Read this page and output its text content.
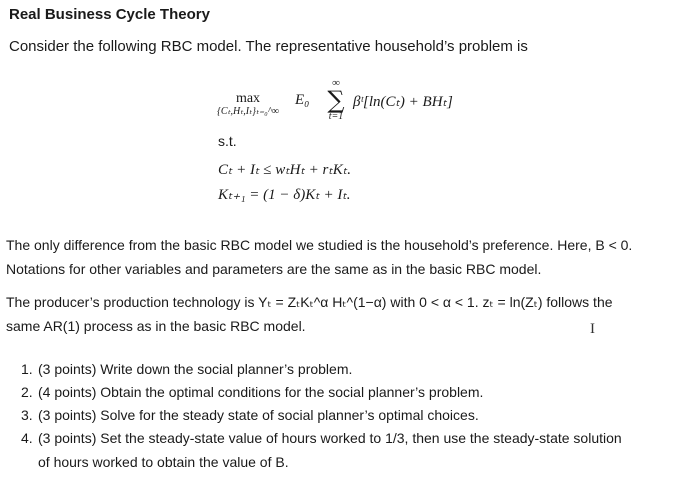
Real Business Cycle Theory
Consider the following RBC model. The representative household’s problem is
max
{Cₜ,Hₜ,Iₜ}ₜ₌₀^∞
E₀
∞
∑
t=1
βᵗ[ln(Cₜ) + BHₜ]
s.t.
Cₜ + Iₜ ≤ wₜHₜ + rₜKₜ.
Kₜ₊₁ = (1 − δ)Kₜ + Iₜ.
The only difference from the basic RBC model we studied is the household’s preference. Here, B < 0.
Notations for other variables and parameters are the same as in the basic RBC model.
The producer’s production technology is Yₜ = ZₜKₜ^α Hₜ^(1−α) with 0 < α < 1. zₜ = ln(Zₜ) follows the
same AR(1) process as in the basic RBC model.	I
1. (3 points) Write down the social planner’s problem.
2. (4 points) Obtain the optimal conditions for the social planner’s problem.
3. (3 points) Solve for the steady state of social planner’s optimal choices.
4. (3 points) Set the steady-state value of hours worked to 1/3, then use the steady-state solution
of hours worked to obtain the value of B.
